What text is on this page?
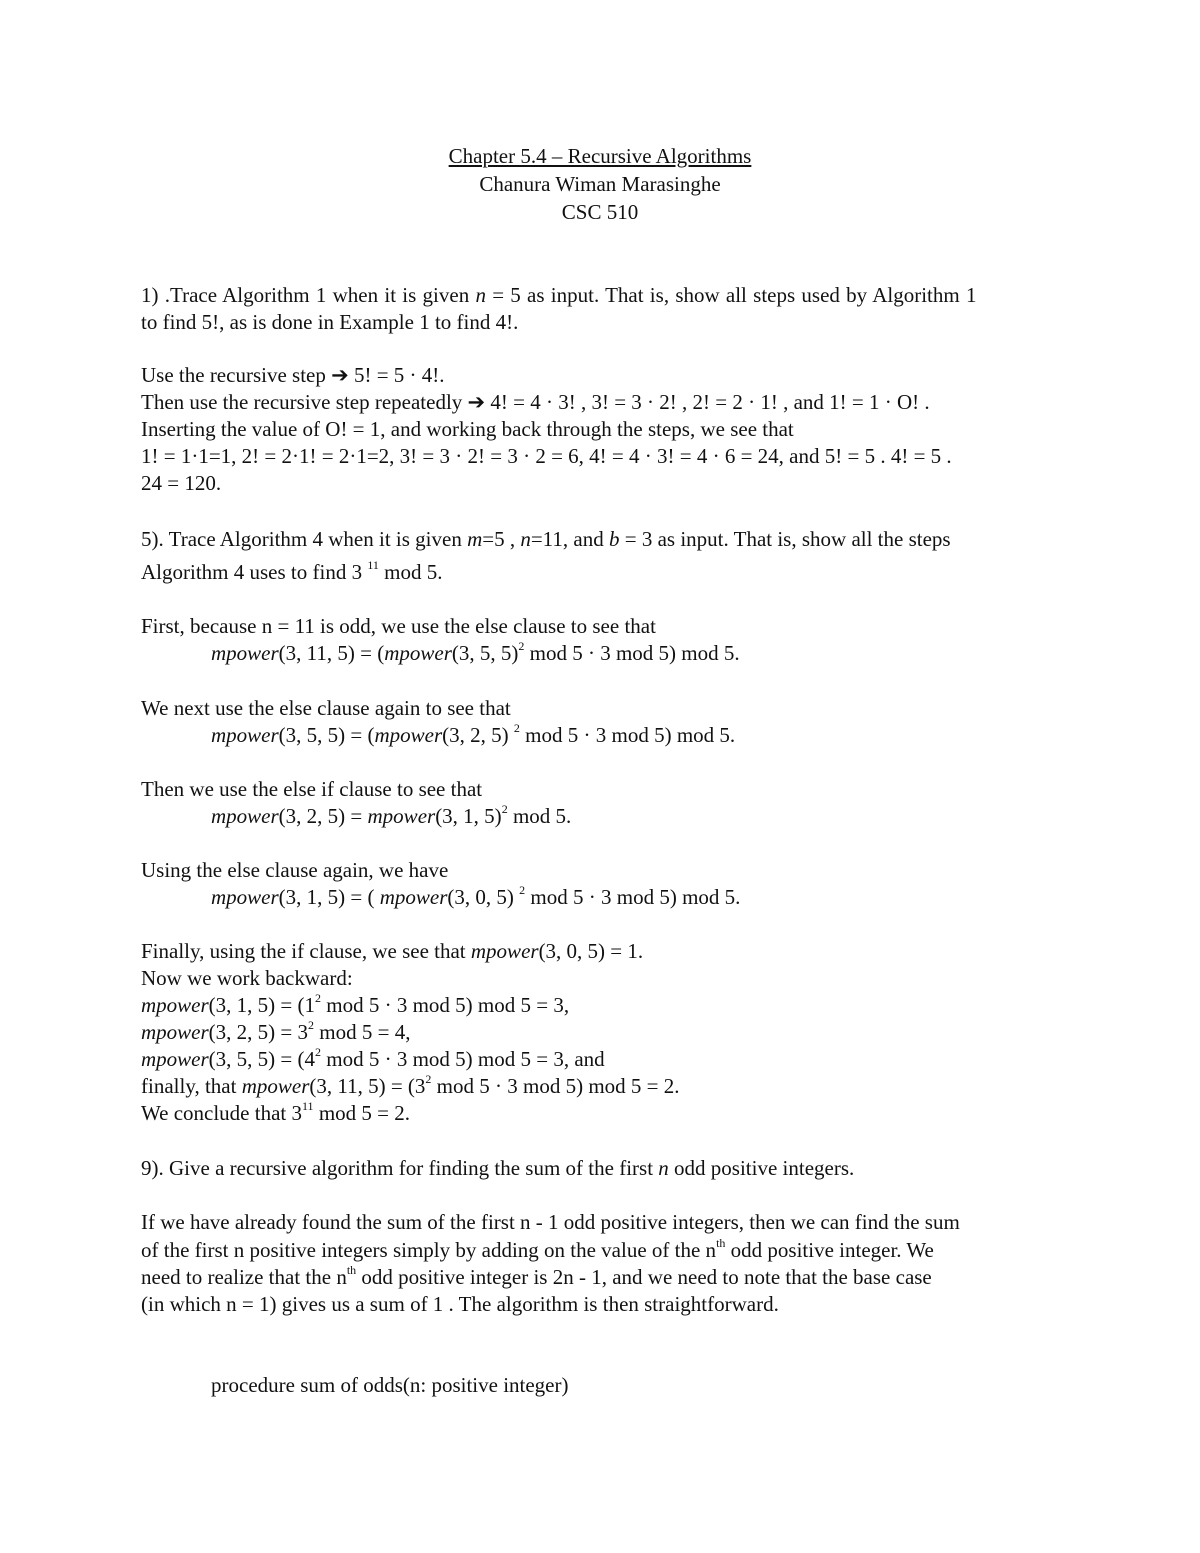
Chapter 5.4 – Recursive Algorithms
Chanura Wiman Marasinghe
CSC 510
1) .Trace Algorithm 1 when it is given n = 5 as input. That is, show all steps used by Algorithm 1
to find 5!, as is done in Example 1 to find 4!.
Use the recursive step ➔ 5! = 5 · 4!.
Then use the recursive step repeatedly ➔ 4! = 4 · 3! , 3! = 3 · 2! , 2! = 2 · 1! , and 1! = 1 · O! .
Inserting the value of O! = 1, and working back through the steps, we see that
1! = 1·1=1, 2! = 2·1! = 2·1=2, 3! = 3 · 2! = 3 · 2 = 6, 4! = 4 · 3! = 4 · 6 = 24, and 5! = 5 . 4! = 5 .
24 = 120.
5). Trace Algorithm 4 when it is given m=5 , n=11, and b = 3 as input. That is, show all the steps
Algorithm 4 uses to find 3 $^{11}$ mod 5.
First, because n = 11 is odd, we use the else clause to see that
mpower(3, 11, 5) = (mpower(3, 5, 5)$^2$ mod 5 · 3 mod 5) mod 5.
We next use the else clause again to see that
mpower(3, 5, 5) = (mpower(3, 2, 5) $^2$ mod 5 · 3 mod 5) mod 5.
Then we use the else if clause to see that
mpower(3, 2, 5) = mpower(3, 1, 5)$^2$ mod 5.
Using the else clause again, we have
mpower(3, 1, 5) = ( mpower(3, 0, 5) $^2$ mod 5 · 3 mod 5) mod 5.
Finally, using the if clause, we see that mpower(3, 0, 5) = 1.
Now we work backward:
mpower(3, 1, $5) = (1^2$ mod 5 · 3 mod 5) mod 5 = 3,
mpower(3, 2, $5) = 3^2$ mod 5 = 4,
mpower(3, 5, $5) = (4^2$ mod 5 · 3 mod 5) mod 5 = 3, and
finally, that mpower(3, 11, $5) = (3^2$ mod 5 · 3 mod 5) mod 5 = 2.
We conclude that $3^{11}$ mod 5 = 2.
9). Give a recursive algorithm for finding the sum of the first n odd positive integers.
If we have already found the sum of the first n - 1 odd positive integers, then we can find the sum
of the first n positive integers simply by adding on the value of the $n^{th}$ odd positive integer. We
need to realize that the $n^{th}$ odd positive integer is 2n - 1, and we need to note that the base case
(in which n = 1) gives us a sum of 1 . The algorithm is then straightforward.
procedure sum of odds(n: positive integer)
